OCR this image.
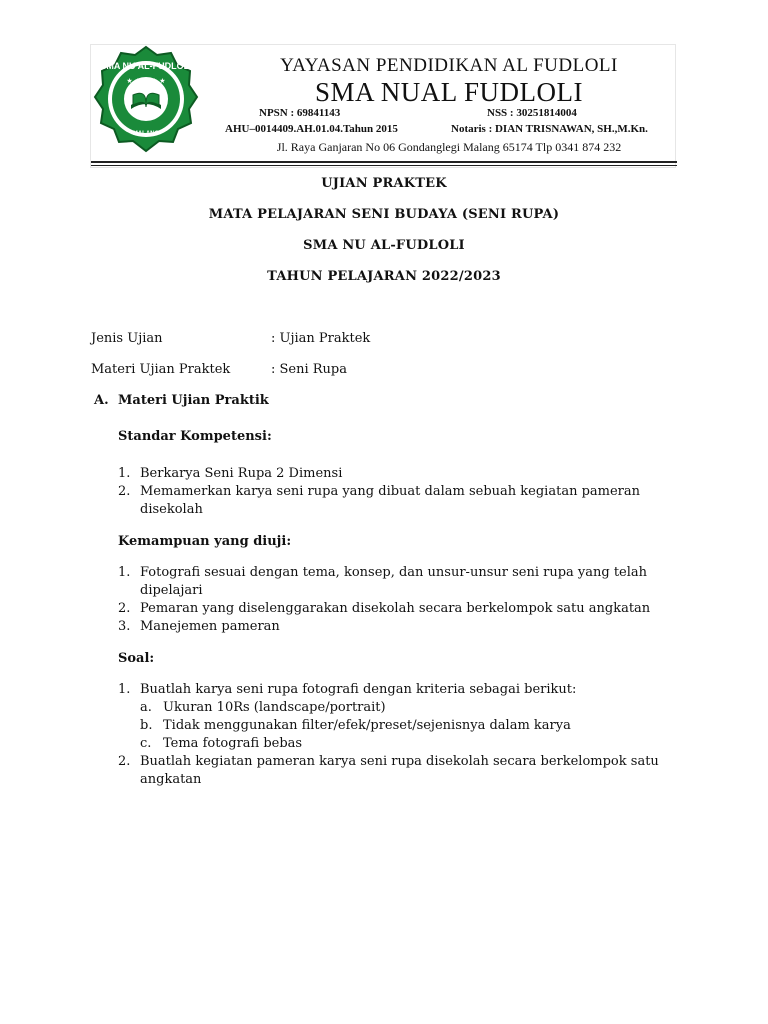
★ ★ ★ ★ ★
SMA NU AL-FUDLOLI
MALANG
YAYASAN PENDIDIKAN AL FUDLOLI
SMA NUAL FUDLOLI
NPSN : 69841143	NSS : 30251814004
AHU–0014409.AH.01.04.Tahun 2015	Notaris : DIAN TRISNAWAN, SH.,M.Kn.
Jl. Raya Ganjaran No 06 Gondanglegi Malang 65174 Tlp 0341 874 232
UJIAN PRAKTEK
MATA PELAJARAN SENI BUDAYA (SENI RUPA)
SMA NU AL-FUDLOLI
TAHUN PELAJARAN 2022/2023
Jenis Ujian	: Ujian Praktek
Materi Ujian Praktek	: Seni Rupa
A. Materi Ujian Praktik
Standar Kompetensi:
1. Berkarya Seni Rupa 2 Dimensi
2. Memamerkan karya seni rupa yang dibuat dalam sebuah kegiatan pameran
disekolah
Kemampuan yang diuji:
1. Fotografi sesuai dengan tema, konsep, dan unsur-unsur seni rupa yang telah
dipelajari
2. Pemaran yang diselenggarakan disekolah secara berkelompok satu angkatan
3. Manejemen pameran
Soal:
1. Buatlah karya seni rupa fotografi dengan kriteria sebagai berikut:
a. Ukuran 10Rs (landscape/portrait)
b. Tidak menggunakan filter/efek/preset/sejenisnya dalam karya
c. Tema fotografi bebas
2. Buatlah kegiatan pameran karya seni rupa disekolah secara berkelompok satu
angkatan
